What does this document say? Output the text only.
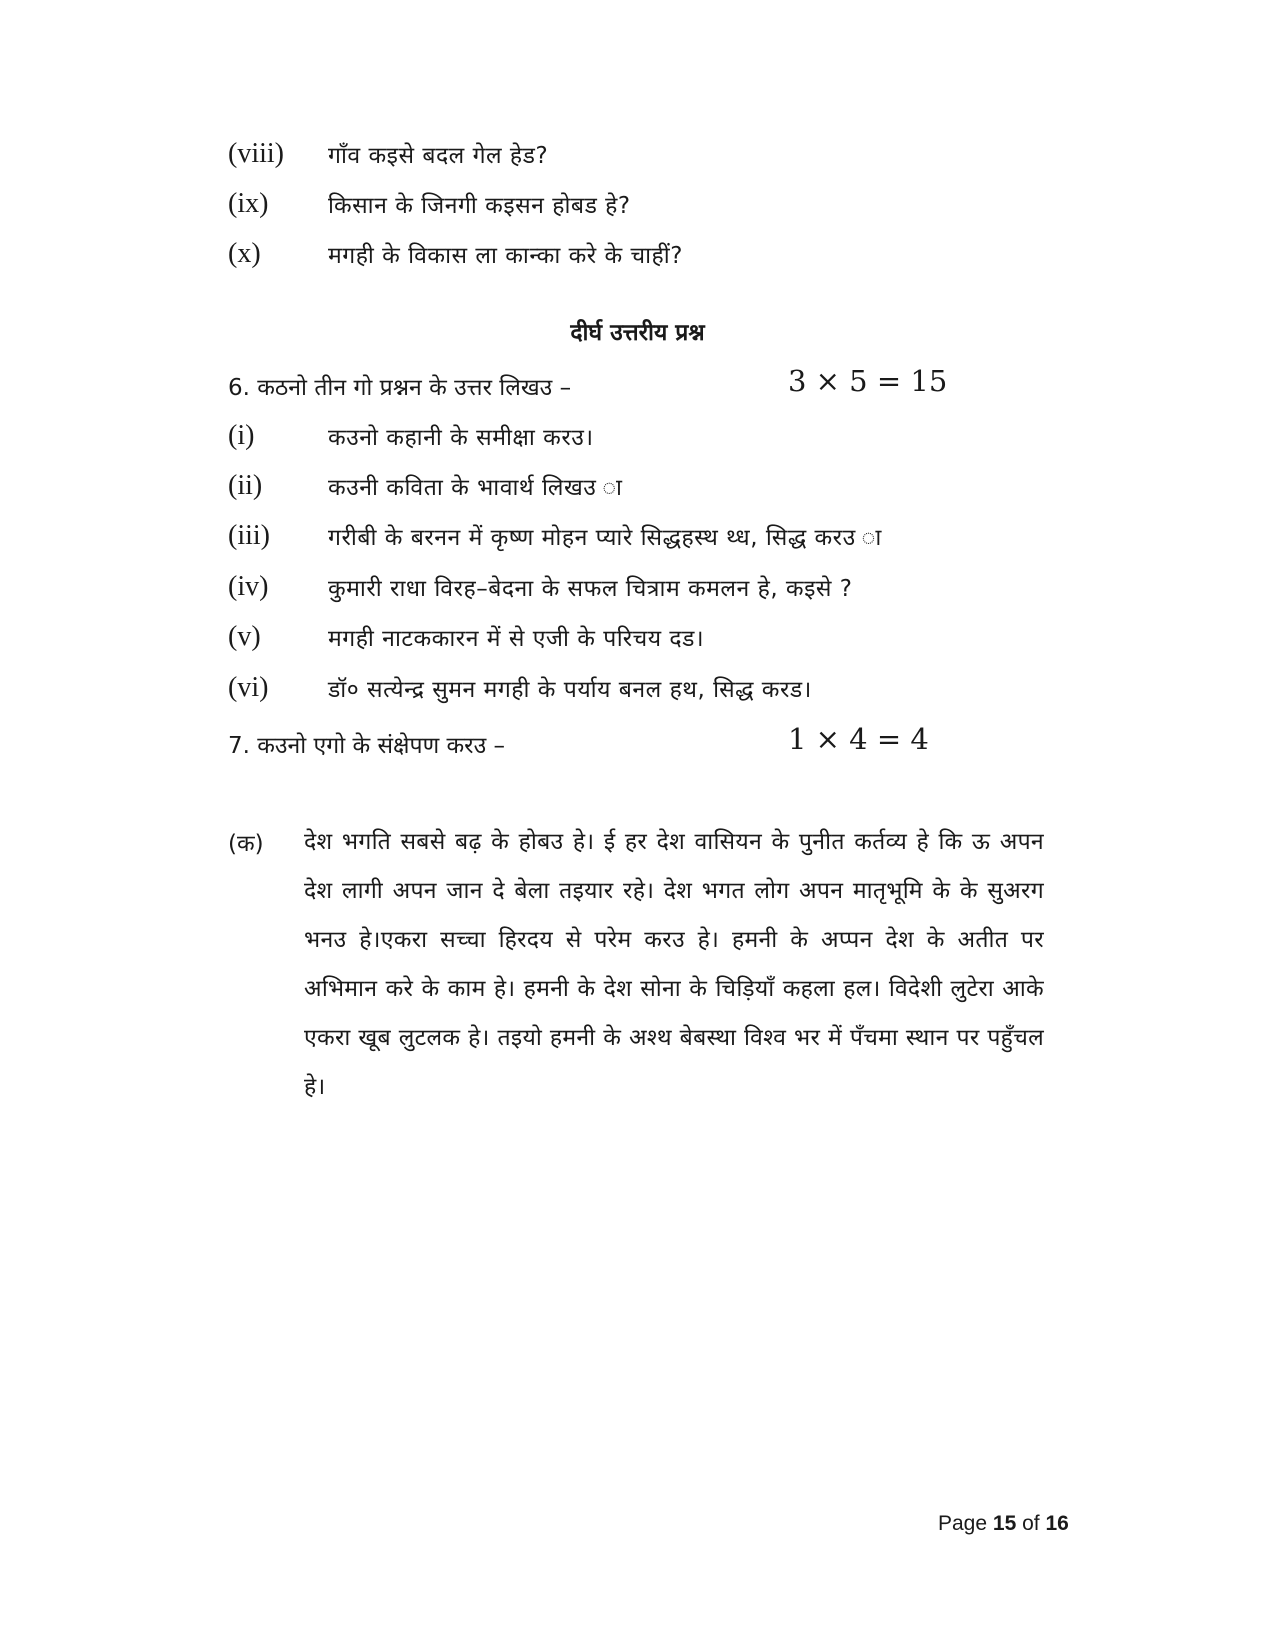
(viii)	गाँव कइसे बदल गेल हेड?
(ix)	किसान के जिनगी कइसन होबड हे?
(x)	मगही के विकास ला कान्का करे के चाहीं?
दीर्घ उत्तरीय प्रश्न
6. कठनो तीन गो प्रश्नन के उत्तर लिखउ –	3 × 5 = 15
(i)	कउनो कहानी के समीक्षा करउ।
(ii)	कउनी कविता के भावार्थ लिखउ ा
(iii)	गरीबी के बरनन में कृष्ण मोहन प्यारे सिद्धहस्थ थ्ध, सिद्ध करउ ा
(iv)	कुमारी राधा विरह–बेदना के सफल चित्राम कमलन हे, कइसे ?
(v)	मगही नाटककारन में से एजी के परिचय दड।
(vi)	डॉ० सत्येन्द्र सुमन मगही के पर्याय बनल हथ, सिद्ध करड।
7. कउनो एगो के संक्षेपण करउ –	1 × 4 = 4
(क) देश भगति सबसे बढ़ के होबउ हे। ई हर देश वासियन के पुनीत कर्तव्य हे कि ऊ अपन देश लागी अपन जान दे बेला तइयार रहे। देश भगत लोग अपन मातृभूमि के के सुअरग भनउ हे।एकरा सच्चा हिरदय से परेम करउ हे। हमनी के अप्पन देश के अतीत पर अभिमान करे के काम हे। हमनी के देश सोना के चिड़ियाँ कहला हल। विदेशी लुटेरा आके एकरा खूब लुटलक हे। तइयो हमनी के अश्थ बेबस्था विश्व भर में पँचमा स्थान पर पहुँचल हे।
Page 15 of 16
